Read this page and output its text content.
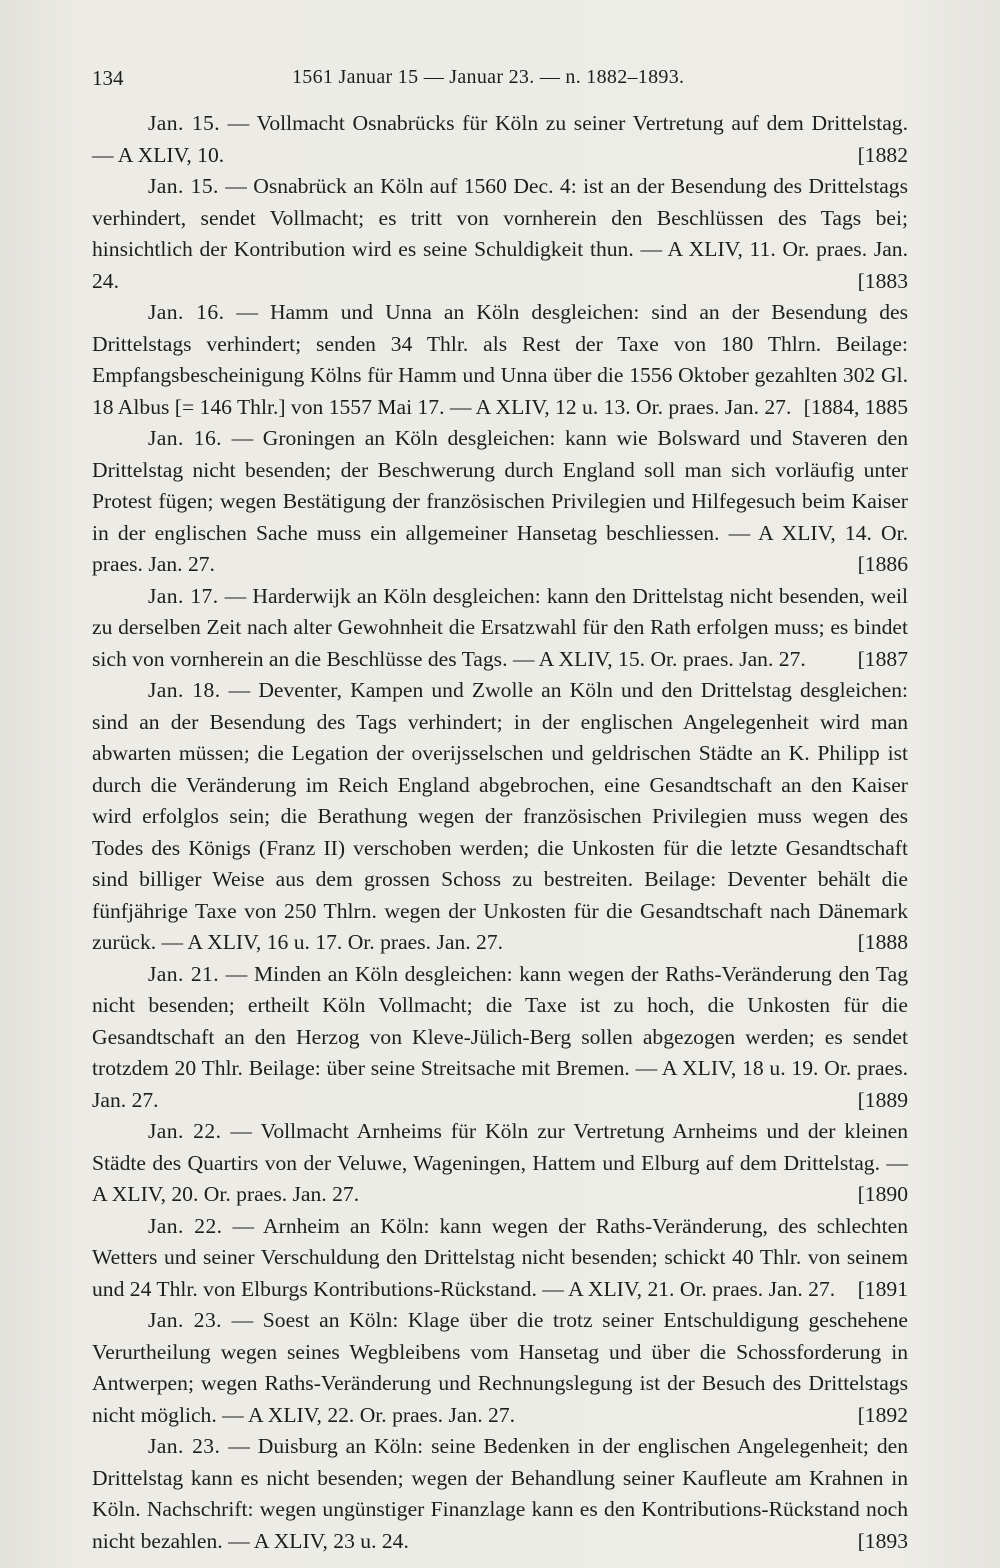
134	1561 Januar 15 — Januar 23. — n. 1882–1893.

Jan. 15. — Vollmacht Osnabrücks für Köln zu seiner Vertretung auf dem Drittelstag. — A XLIV, 10.	[1882

Jan. 15. — Osnabrück an Köln auf 1560 Dec. 4: ist an der Besendung des Drittelstags verhindert, sendet Vollmacht; es tritt von vornherein den Beschlüssen des Tags bei; hinsichtlich der Kontribution wird es seine Schuldigkeit thun. — A XLIV, 11. Or. praes. Jan. 24.	[1883

Jan. 16. — Hamm und Unna an Köln desgleichen: sind an der Besendung des Drittelstags verhindert; senden 34 Thlr. als Rest der Taxe von 180 Thlrn. Beilage: Empfangsbescheinigung Kölns für Hamm und Unna über die 1556 Oktober gezahlten 302 Gl. 18 Albus [= 146 Thlr.] von 1557 Mai 17. — A XLIV, 12 u. 13. Or. praes. Jan. 27. [1884, 1885

Jan. 16. — Groningen an Köln desgleichen: kann wie Bolsward und Staveren den Drittelstag nicht besenden; der Beschwerung durch England soll man sich vorläufig unter Protest fügen; wegen Bestätigung der französischen Privilegien und Hilfegesuch beim Kaiser in der englischen Sache muss ein allgemeiner Hansetag beschliessen. — A XLIV, 14. Or. praes. Jan. 27.	[1886

Jan. 17. — Harderwijk an Köln desgleichen: kann den Drittelstag nicht besenden, weil zu derselben Zeit nach alter Gewohnheit die Ersatzwahl für den Rath erfolgen muss; es bindet sich von vornherein an die Beschlüsse des Tags. — A XLIV, 15. Or. praes. Jan. 27.	[1887

Jan. 18. — Deventer, Kampen und Zwolle an Köln und den Drittelstag desgleichen: sind an der Besendung des Tags verhindert; in der englischen Angelegenheit wird man abwarten müssen; die Legation der overijsselschen und geldrischen Städte an K. Philipp ist durch die Veränderung im Reich England abgebrochen, eine Gesandtschaft an den Kaiser wird erfolglos sein; die Berathung wegen der französischen Privilegien muss wegen des Todes des Königs (Franz II) verschoben werden; die Unkosten für die letzte Gesandtschaft sind billiger Weise aus dem grossen Schoss zu bestreiten. Beilage: Deventer behält die fünfjährige Taxe von 250 Thlrn. wegen der Unkosten für die Gesandtschaft nach Dänemark zurück. — A XLIV, 16 u. 17. Or. praes. Jan. 27.	[1888

Jan. 21. — Minden an Köln desgleichen: kann wegen der Raths-Veränderung den Tag nicht besenden; ertheilt Köln Vollmacht; die Taxe ist zu hoch, die Unkosten für die Gesandtschaft an den Herzog von Kleve-Jülich-Berg sollen abgezogen werden; es sendet trotzdem 20 Thlr. Beilage: über seine Streitsache mit Bremen. — A XLIV, 18 u. 19. Or. praes. Jan. 27.	[1889

Jan. 22. — Vollmacht Arnheims für Köln zur Vertretung Arnheims und der kleinen Städte des Quartirs von der Veluwe, Wageningen, Hattem und Elburg auf dem Drittelstag. — A XLIV, 20. Or. praes. Jan. 27.	[1890

Jan. 22. — Arnheim an Köln: kann wegen der Raths-Veränderung, des schlechten Wetters und seiner Verschuldung den Drittelstag nicht besenden; schickt 40 Thlr. von seinem und 24 Thlr. von Elburgs Kontributions-Rückstand. — A XLIV, 21. Or. praes. Jan. 27.	[1891

Jan. 23. — Soest an Köln: Klage über die trotz seiner Entschuldigung geschehene Verurtheilung wegen seines Wegbleibens vom Hansetag und über die Schossforderung in Antwerpen; wegen Raths-Veränderung und Rechnungslegung ist der Besuch des Drittelstags nicht möglich. — A XLIV, 22. Or. praes. Jan. 27.	[1892

Jan. 23. — Duisburg an Köln: seine Bedenken in der englischen Angelegenheit; den Drittelstag kann es nicht besenden; wegen der Behandlung seiner Kaufleute am Krahnen in Köln. Nachschrift: wegen ungünstiger Finanzlage kann es den Kontributions-Rückstand noch nicht bezahlen. — A XLIV, 23 u. 24.	[1893
